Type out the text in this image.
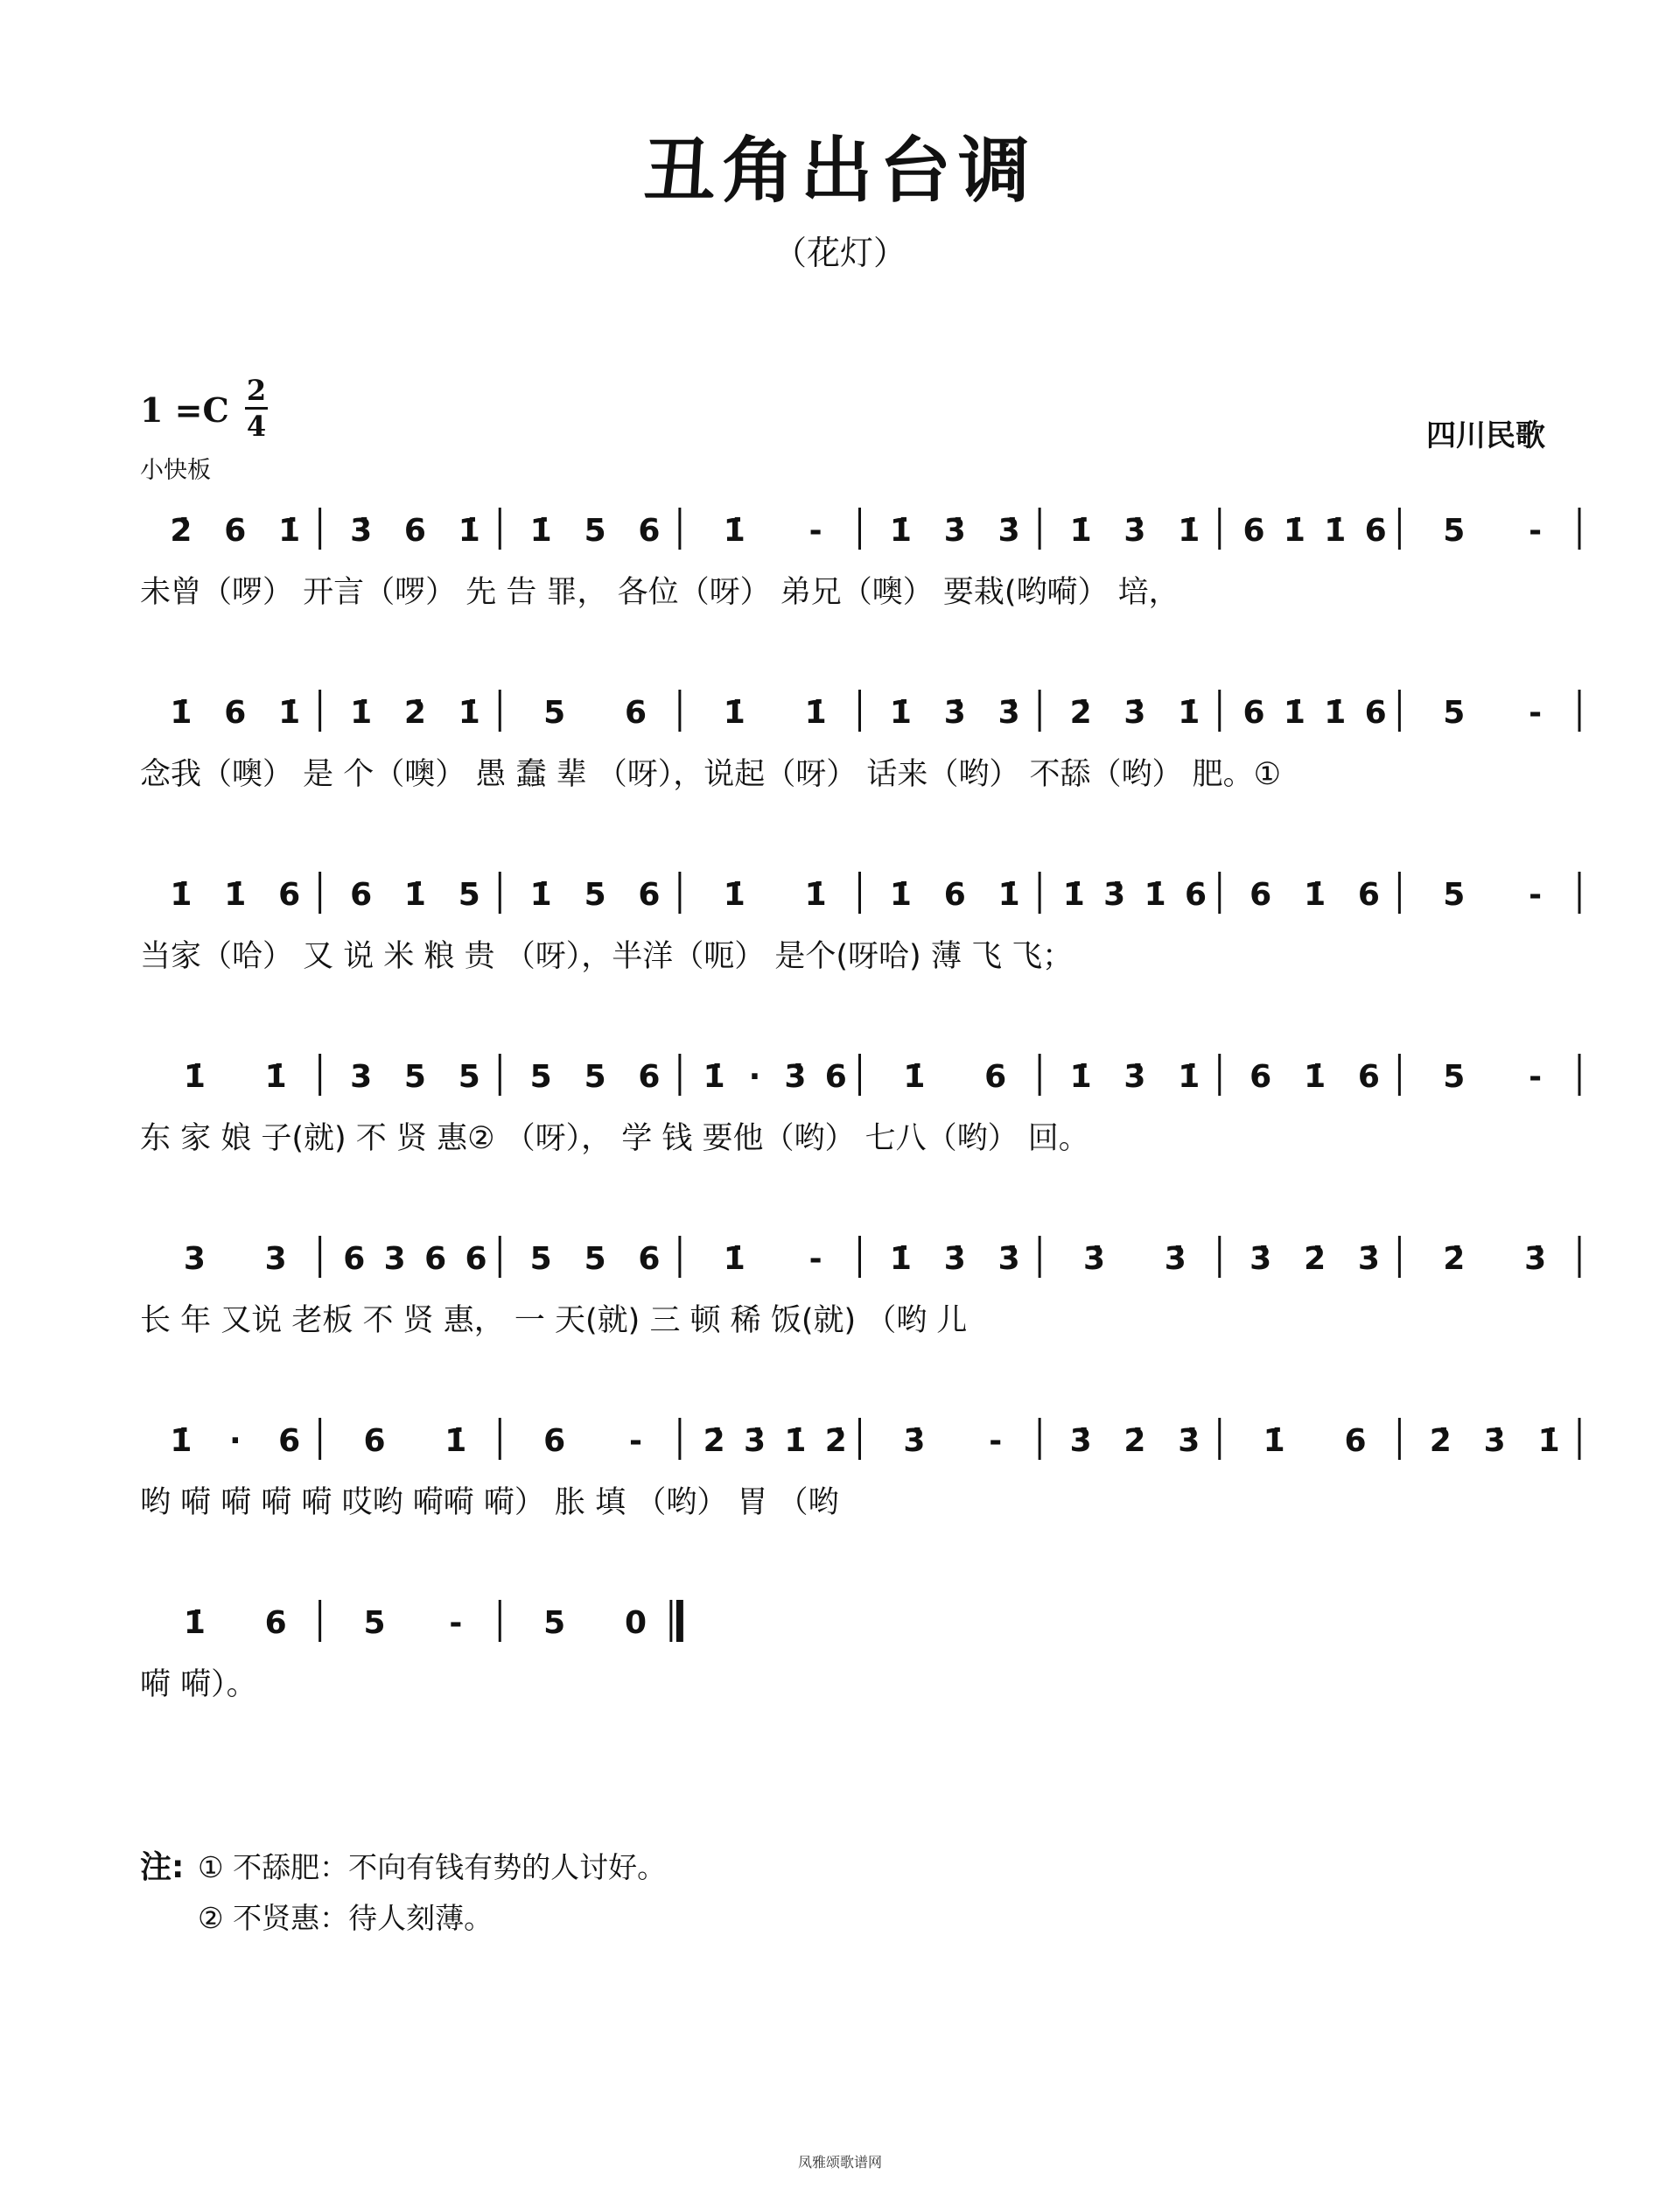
丑角出台调
（花灯）
1 =C 2
4
小快板
四川民歌
2̇ 6 1̇ 3̇ 6 1̇ 1̇ 5 6 1̇ - 1̇ 3̇ 3̇ 1̇ 3̇ 1̇ 6 1̇ 1̇ 6 5 -
未曾（啰） 开言（啰） 先 告 罪， 各位（呀） 弟兄（噢） 要栽(哟嗬） 培，
1̇ 6 1̇ 1̇ 2̇ 1̇ 5 6 1̇ 1̇ 1̇ 3̇ 3̇ 2̇ 3̇ 1̇ 6 1̇ 1̇ 6 5 -
念我（噢） 是 个（噢） 愚 蠢 辈 （呀），说起（呀） 话来（哟） 不舔（哟） 肥。①
1̇ 1̇ 6 6 1̇ 5 1̇ 5 6 1̇ 1̇ 1̇ 6 1̇ 1̇ 3̇ 1̇ 6 6 1̇ 6 5 -
当家（哈） 又 说 米 粮 贵 （呀），半洋（呃） 是个(呀哈) 薄 飞 飞；
1̇ 1̇ 3 5 5 5 5 6 1̇ · 3̇ 6 1̇ 6 1̇ 3̇ 1̇ 6 1̇ 6 5 -
东 家 娘 子(就) 不 贤 惠② （呀）， 学 钱 要他（哟） 七八（哟） 回。
3 3 6 3 6 6 5 5 6 1̇ - 1̇ 3̇ 3̇ 3̇ 3̇ 3̇ 2̇ 3̇ 2̇ 3̇
长 年 又说 老板 不 贤 惠， 一 天(就) 三 顿 稀 饭(就) （哟 儿
1̇ · 6 6 1̇ 6 - 2̇ 3̇ 1̇ 2̇ 3̇ - 3̇ 2̇ 3̇ 1̇ 6 2̇ 3̇ 1̇
哟 嗬 嗬 嗬 嗬 哎哟 嗬嗬 嗬） 胀 填 （哟） 胃 （哟
1̇ 6 5 -	5 0
嗬 嗬）。
注: ① 不舔肥：不向有钱有势的人讨好。
② 不贤惠：待人刻薄。
凤雅颂歌谱网
